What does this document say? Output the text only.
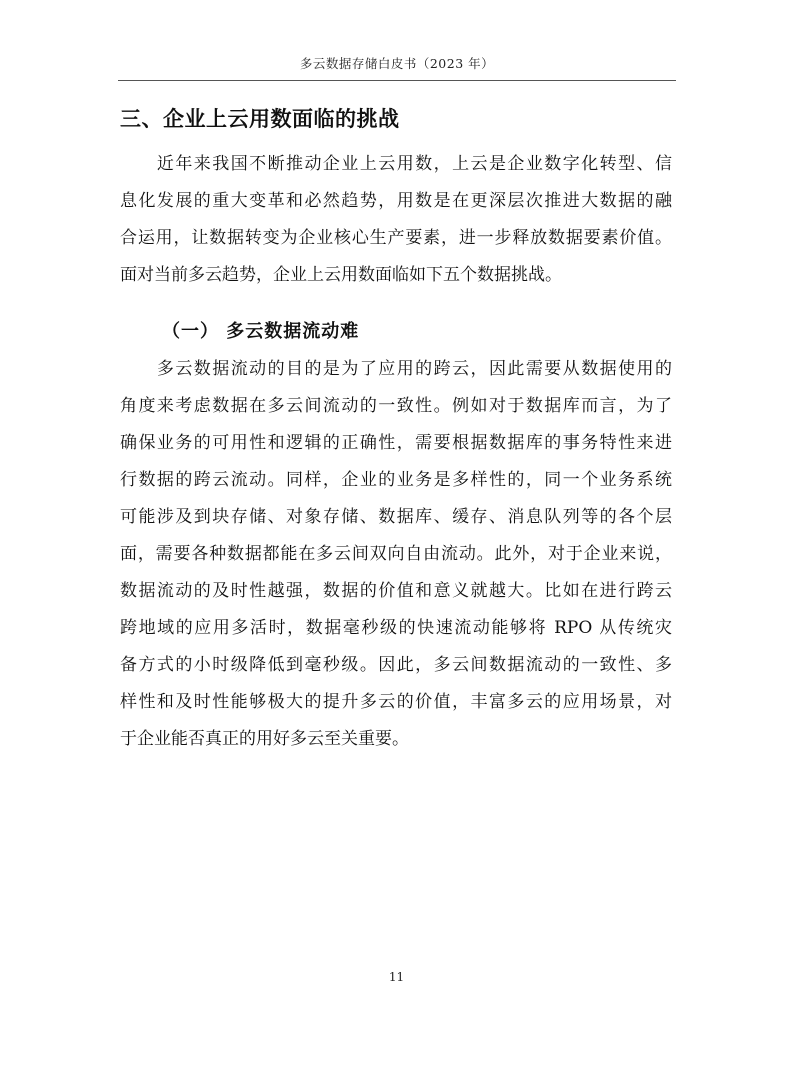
多云数据存储白皮书（2023 年）
三、企业上云用数面临的挑战
　　近年来我国不断推动企业上云用数，上云是企业数字化转型、信
息化发展的重大变革和必然趋势，用数是在更深层次推进大数据的融
合运用，让数据转变为企业核心生产要素，进一步释放数据要素价值。
面对当前多云趋势，企业上云用数面临如下五个数据挑战。
（一） 多云数据流动难
　　多云数据流动的目的是为了应用的跨云，因此需要从数据使用的
角度来考虑数据在多云间流动的一致性。例如对于数据库而言，为了
确保业务的可用性和逻辑的正确性，需要根据数据库的事务特性来进
行数据的跨云流动。同样，企业的业务是多样性的，同一个业务系统
可能涉及到块存储、对象存储、数据库、缓存、消息队列等的各个层
面，需要各种数据都能在多云间双向自由流动。此外，对于企业来说，
数据流动的及时性越强，数据的价值和意义就越大。比如在进行跨云
跨地域的应用多活时，数据毫秒级的快速流动能够将 RPO 从传统灾
备方式的小时级降低到毫秒级。因此，多云间数据流动的一致性、多
样性和及时性能够极大的提升多云的价值，丰富多云的应用场景，对
于企业能否真正的用好多云至关重要。
11
